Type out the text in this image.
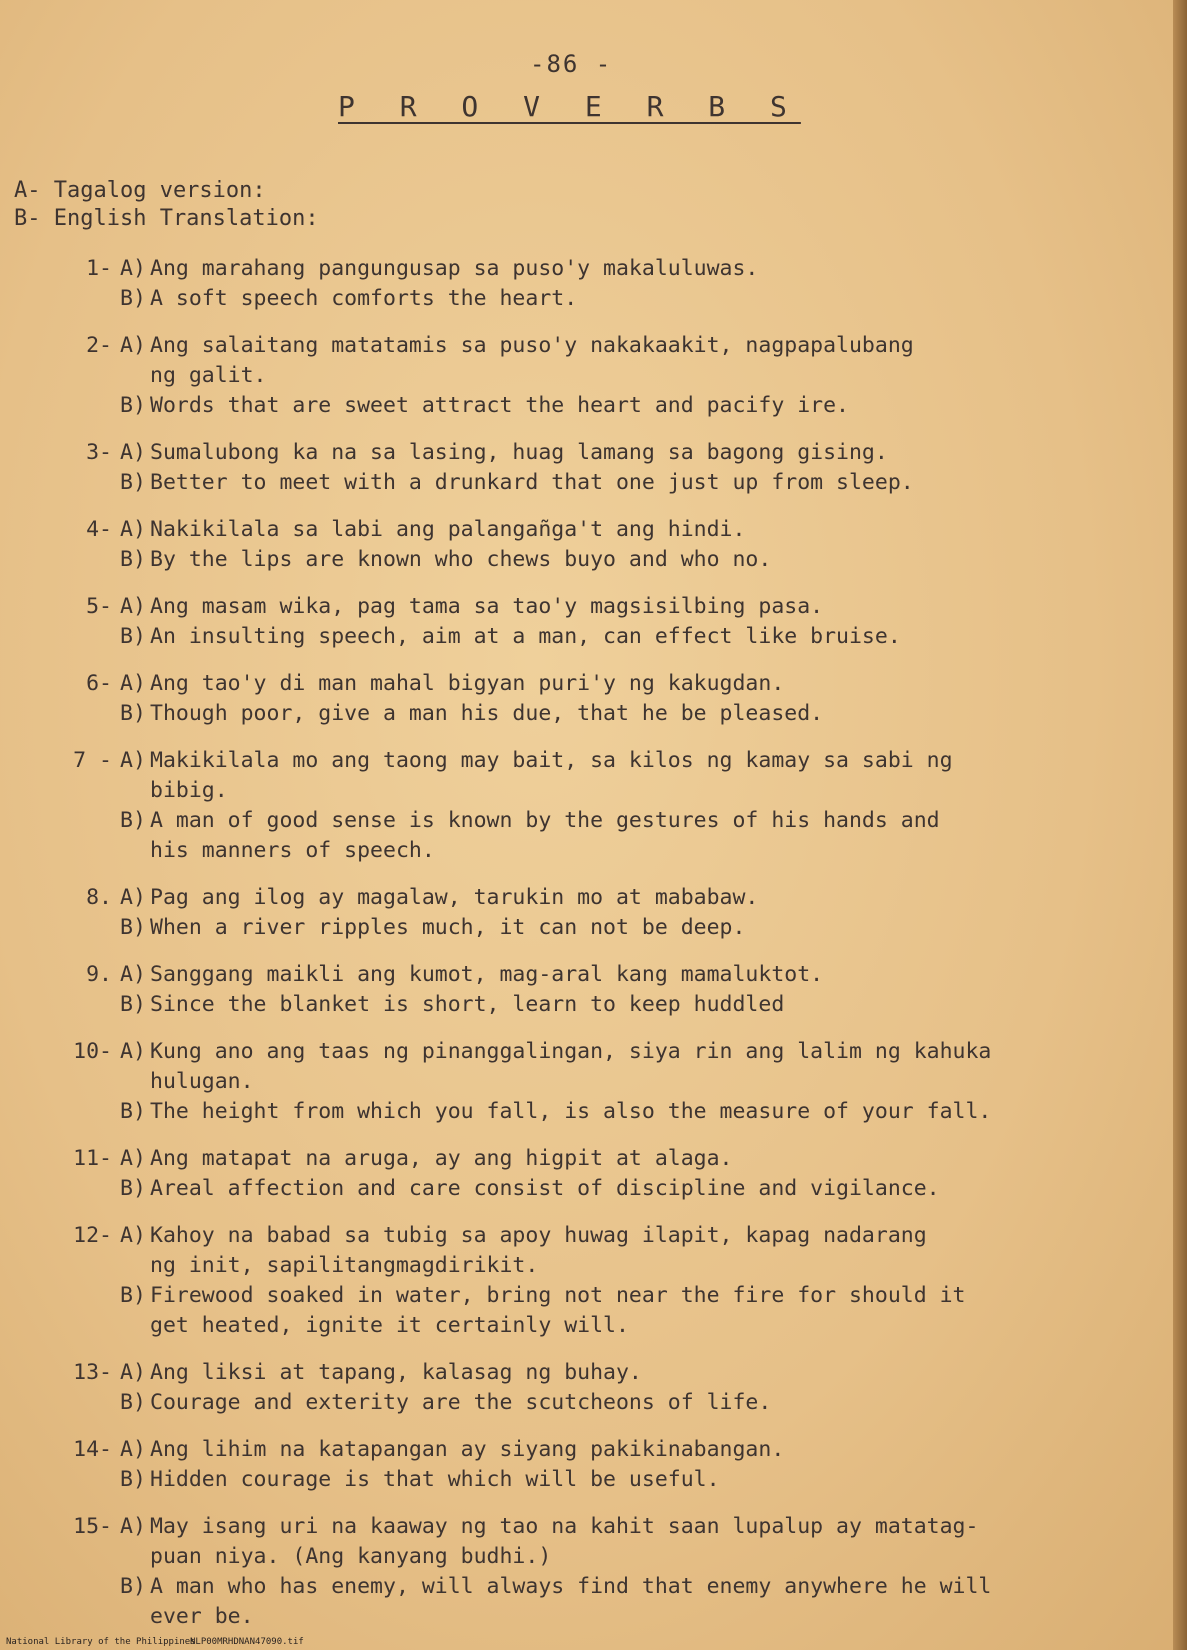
-86 -
P R O V E R B S
A- Tagalog version:
B- English Translation:
1- A) Ang marahang pangungusap sa puso'y makaluluwas.
B) A soft speech comforts the heart.
2- A) Ang salaitang matatamis sa puso'y nakakaakit, nagpapalubang
ng galit.
B) Words that are sweet attract the heart and pacify ire.
3- A) Sumalubong ka na sa lasing, huag lamang sa bagong gising.
B) Better to meet with a drunkard that one just up from sleep.
4- A) Nakikilala sa labi ang palangañga't ang hindi.
B) By the lips are known who chews buyo and who no.
5- A) Ang masam wika, pag tama sa tao'y magsisilbing pasa.
B) An insulting speech, aim at a man, can effect like bruise.
6- A) Ang tao'y di man mahal bigyan puri'y ng kakugdan.
B) Though poor, give a man his due, that he be pleased.
7 - A) Makikilala mo ang taong may bait, sa kilos ng kamay sa sabi ng
bibig.
B) A man of good sense is known by the gestures of his hands and
his manners of speech.
8. A) Pag ang ilog ay magalaw, tarukin mo at mababaw.
B) When a river ripples much, it can not be deep.
9. A) Sanggang maikli ang kumot, mag-aral kang mamaluktot.
B) Since the blanket is short, learn to keep huddled
10- A) Kung ano ang taas ng pinanggalingan, siya rin ang lalim ng kahuka
hulugan.
B) The height from which you fall, is also the measure of your fall.
11- A) Ang matapat na aruga, ay ang higpit at alaga.
B) Areal affection and care consist of discipline and vigilance.
12- A) Kahoy na babad sa tubig sa apoy huwag ilapit, kapag nadarang
ng init, sapilitangmagdirikit.
B) Firewood soaked in water, bring not near the fire for should it
get heated, ignite it certainly will.
13- A) Ang liksi at tapang, kalasag ng buhay.
B) Courage and exterity are the scutcheons of life.
14- A) Ang lihim na katapangan ay siyang pakikinabangan.
B) Hidden courage is that which will be useful.
15- A) May isang uri na kaaway ng tao na kahit saan lupalup ay matatag-
puan niya. (Ang kanyang budhi.)
B) A man who has enemy, will always find that enemy anywhere he will
ever be.
National Library of the Philippines
NLP00MRHDNAN47090.tif
